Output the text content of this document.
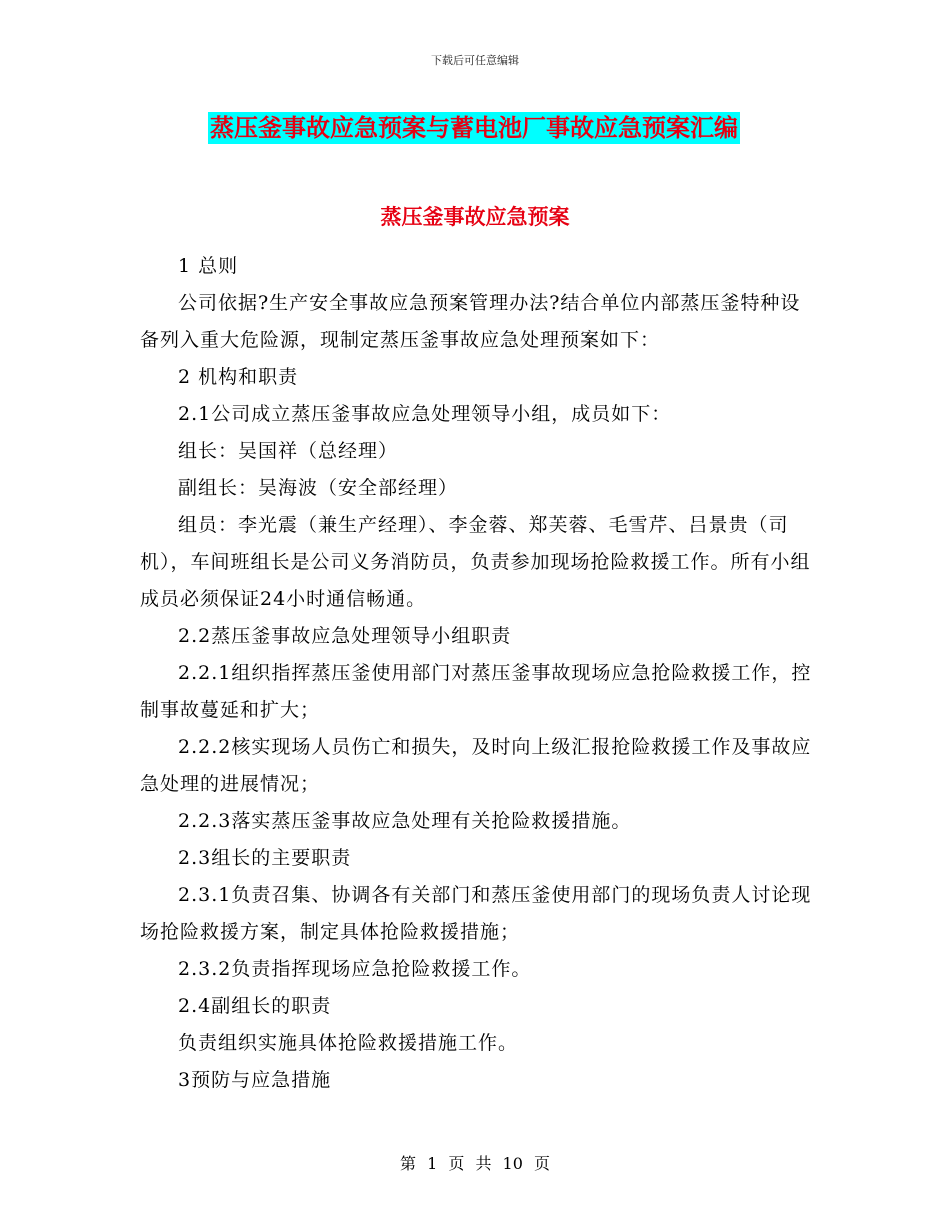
下载后可任意编辑
蒸压釜事故应急预案与蓄电池厂事故应急预案汇编
蒸压釜事故应急预案

1 总则

公司依据?生产安全事故应急预案管理办法?结合单位内部蒸压釜特种设备列入重大危险源，现制定蒸压釜事故应急处理预案如下：

2 机构和职责

2.1公司成立蒸压釜事故应急处理领导小组，成员如下：

组长：吴国祥（总经理）

副组长：吴海波（安全部经理）

组员：李光震（兼生产经理）、李金蓉、郑芙蓉、毛雪芹、吕景贵（司机），车间班组长是公司义务消防员，负责参加现场抢险救援工作。所有小组成员必须保证24小时通信畅通。

2.2蒸压釜事故应急处理领导小组职责

2.2.1组织指挥蒸压釜使用部门对蒸压釜事故现场应急抢险救援工作，控制事故蔓延和扩大；

2.2.2核实现场人员伤亡和损失，及时向上级汇报抢险救援工作及事故应急处理的进展情况；

2.2.3落实蒸压釜事故应急处理有关抢险救援措施。

2.3组长的主要职责

2.3.1负责召集、协调各有关部门和蒸压釜使用部门的现场负责人讨论现场抢险救援方案，制定具体抢险救援措施；

2.3.2负责指挥现场应急抢险救援工作。

2.4副组长的职责

负责组织实施具体抢险救援措施工作。

3预防与应急措施

第 1 页 共 10 页
